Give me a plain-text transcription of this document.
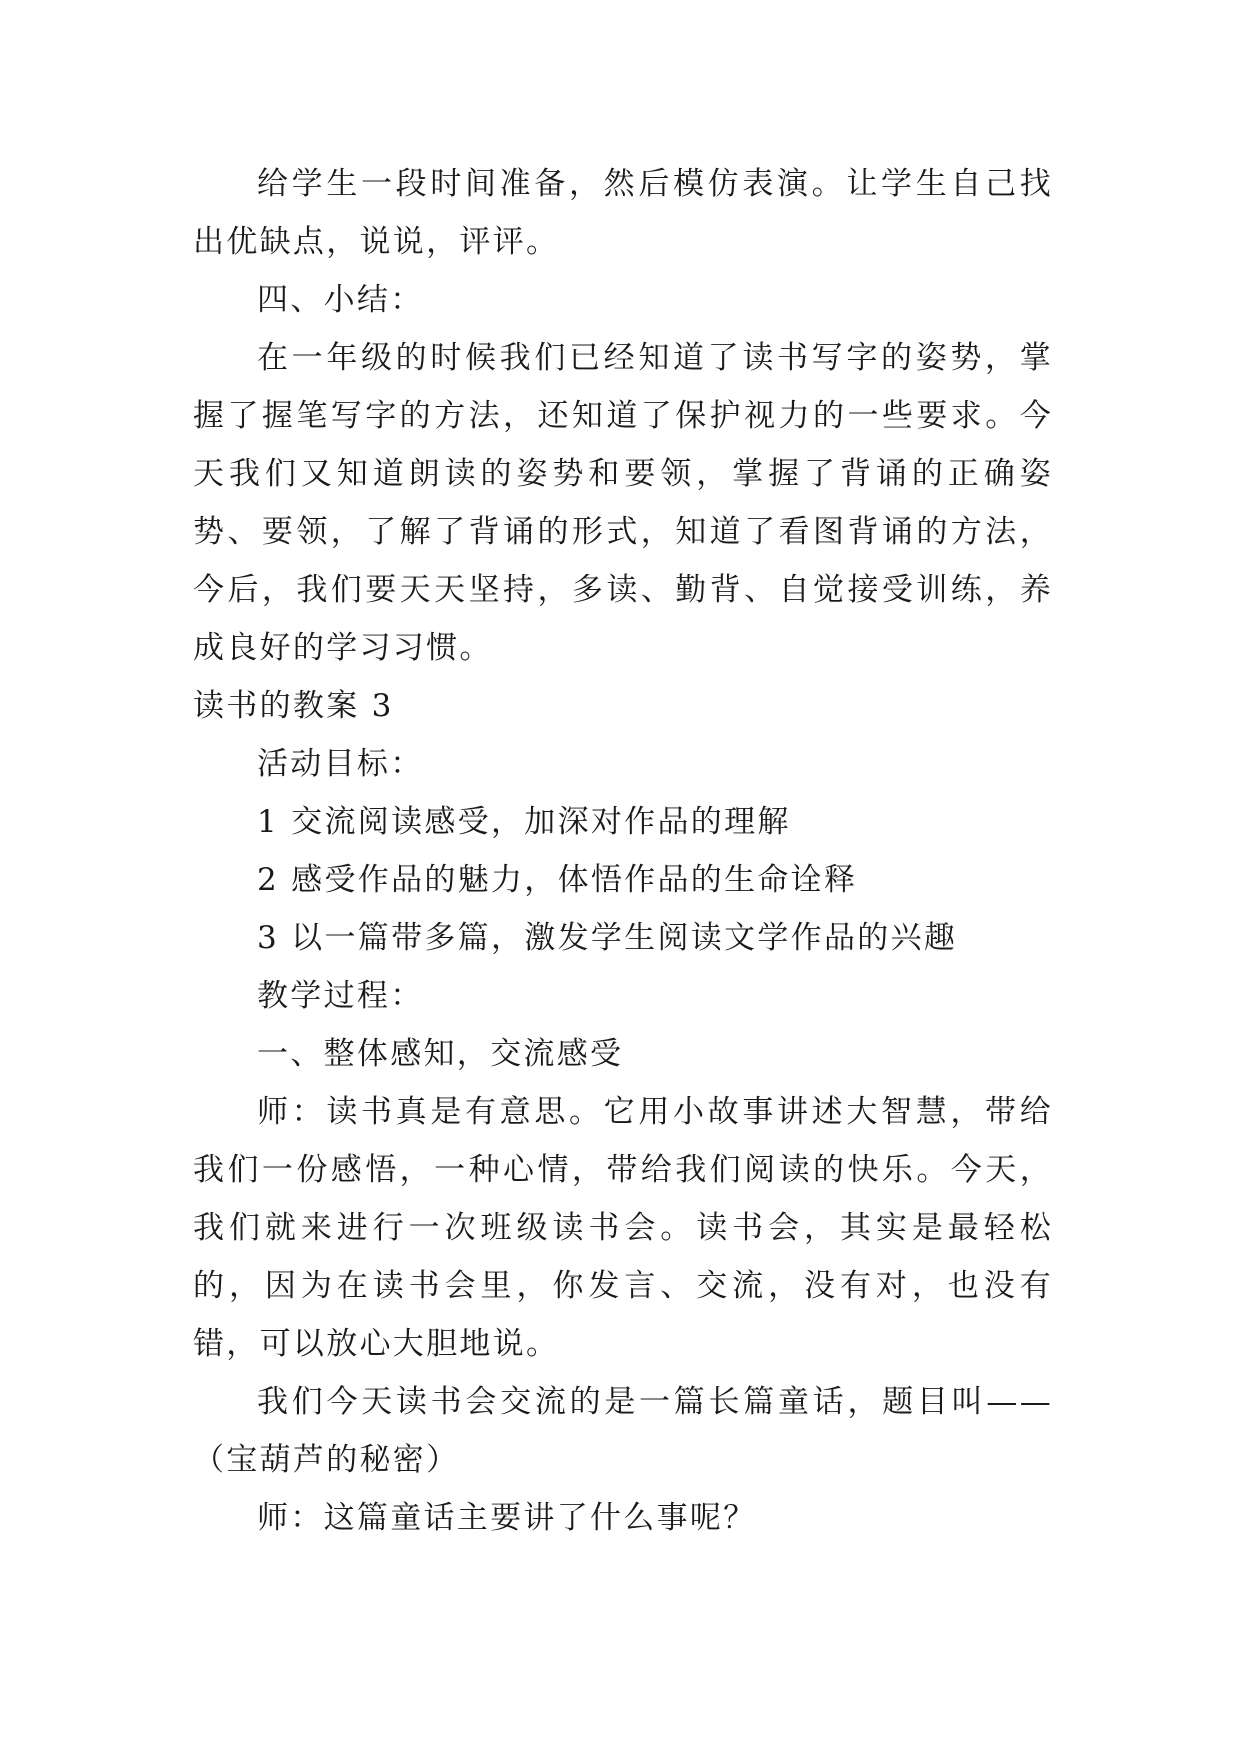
给学生一段时间准备，然后模仿表演。让学生自己找出优缺点，说说，评评。

四、小结：

在一年级的时候我们已经知道了读书写字的姿势，掌握了握笔写字的方法，还知道了保护视力的一些要求。今天我们又知道朗读的姿势和要领，掌握了背诵的正确姿势、要领，了解了背诵的形式，知道了看图背诵的方法，今后，我们要天天坚持，多读、勤背、自觉接受训练，养成良好的学习习惯。

读书的教案 3

活动目标：

1 交流阅读感受，加深对作品的理解

2 感受作品的魅力，体悟作品的生命诠释

3 以一篇带多篇，激发学生阅读文学作品的兴趣

教学过程：

一、整体感知，交流感受

师：读书真是有意思。它用小故事讲述大智慧，带给我们一份感悟，一种心情，带给我们阅读的快乐。今天，我们就来进行一次班级读书会。读书会，其实是最轻松的，因为在读书会里，你发言、交流，没有对，也没有错，可以放心大胆地说。

我们今天读书会交流的是一篇长篇童话，题目叫——（宝葫芦的秘密）

师：这篇童话主要讲了什么事呢？
